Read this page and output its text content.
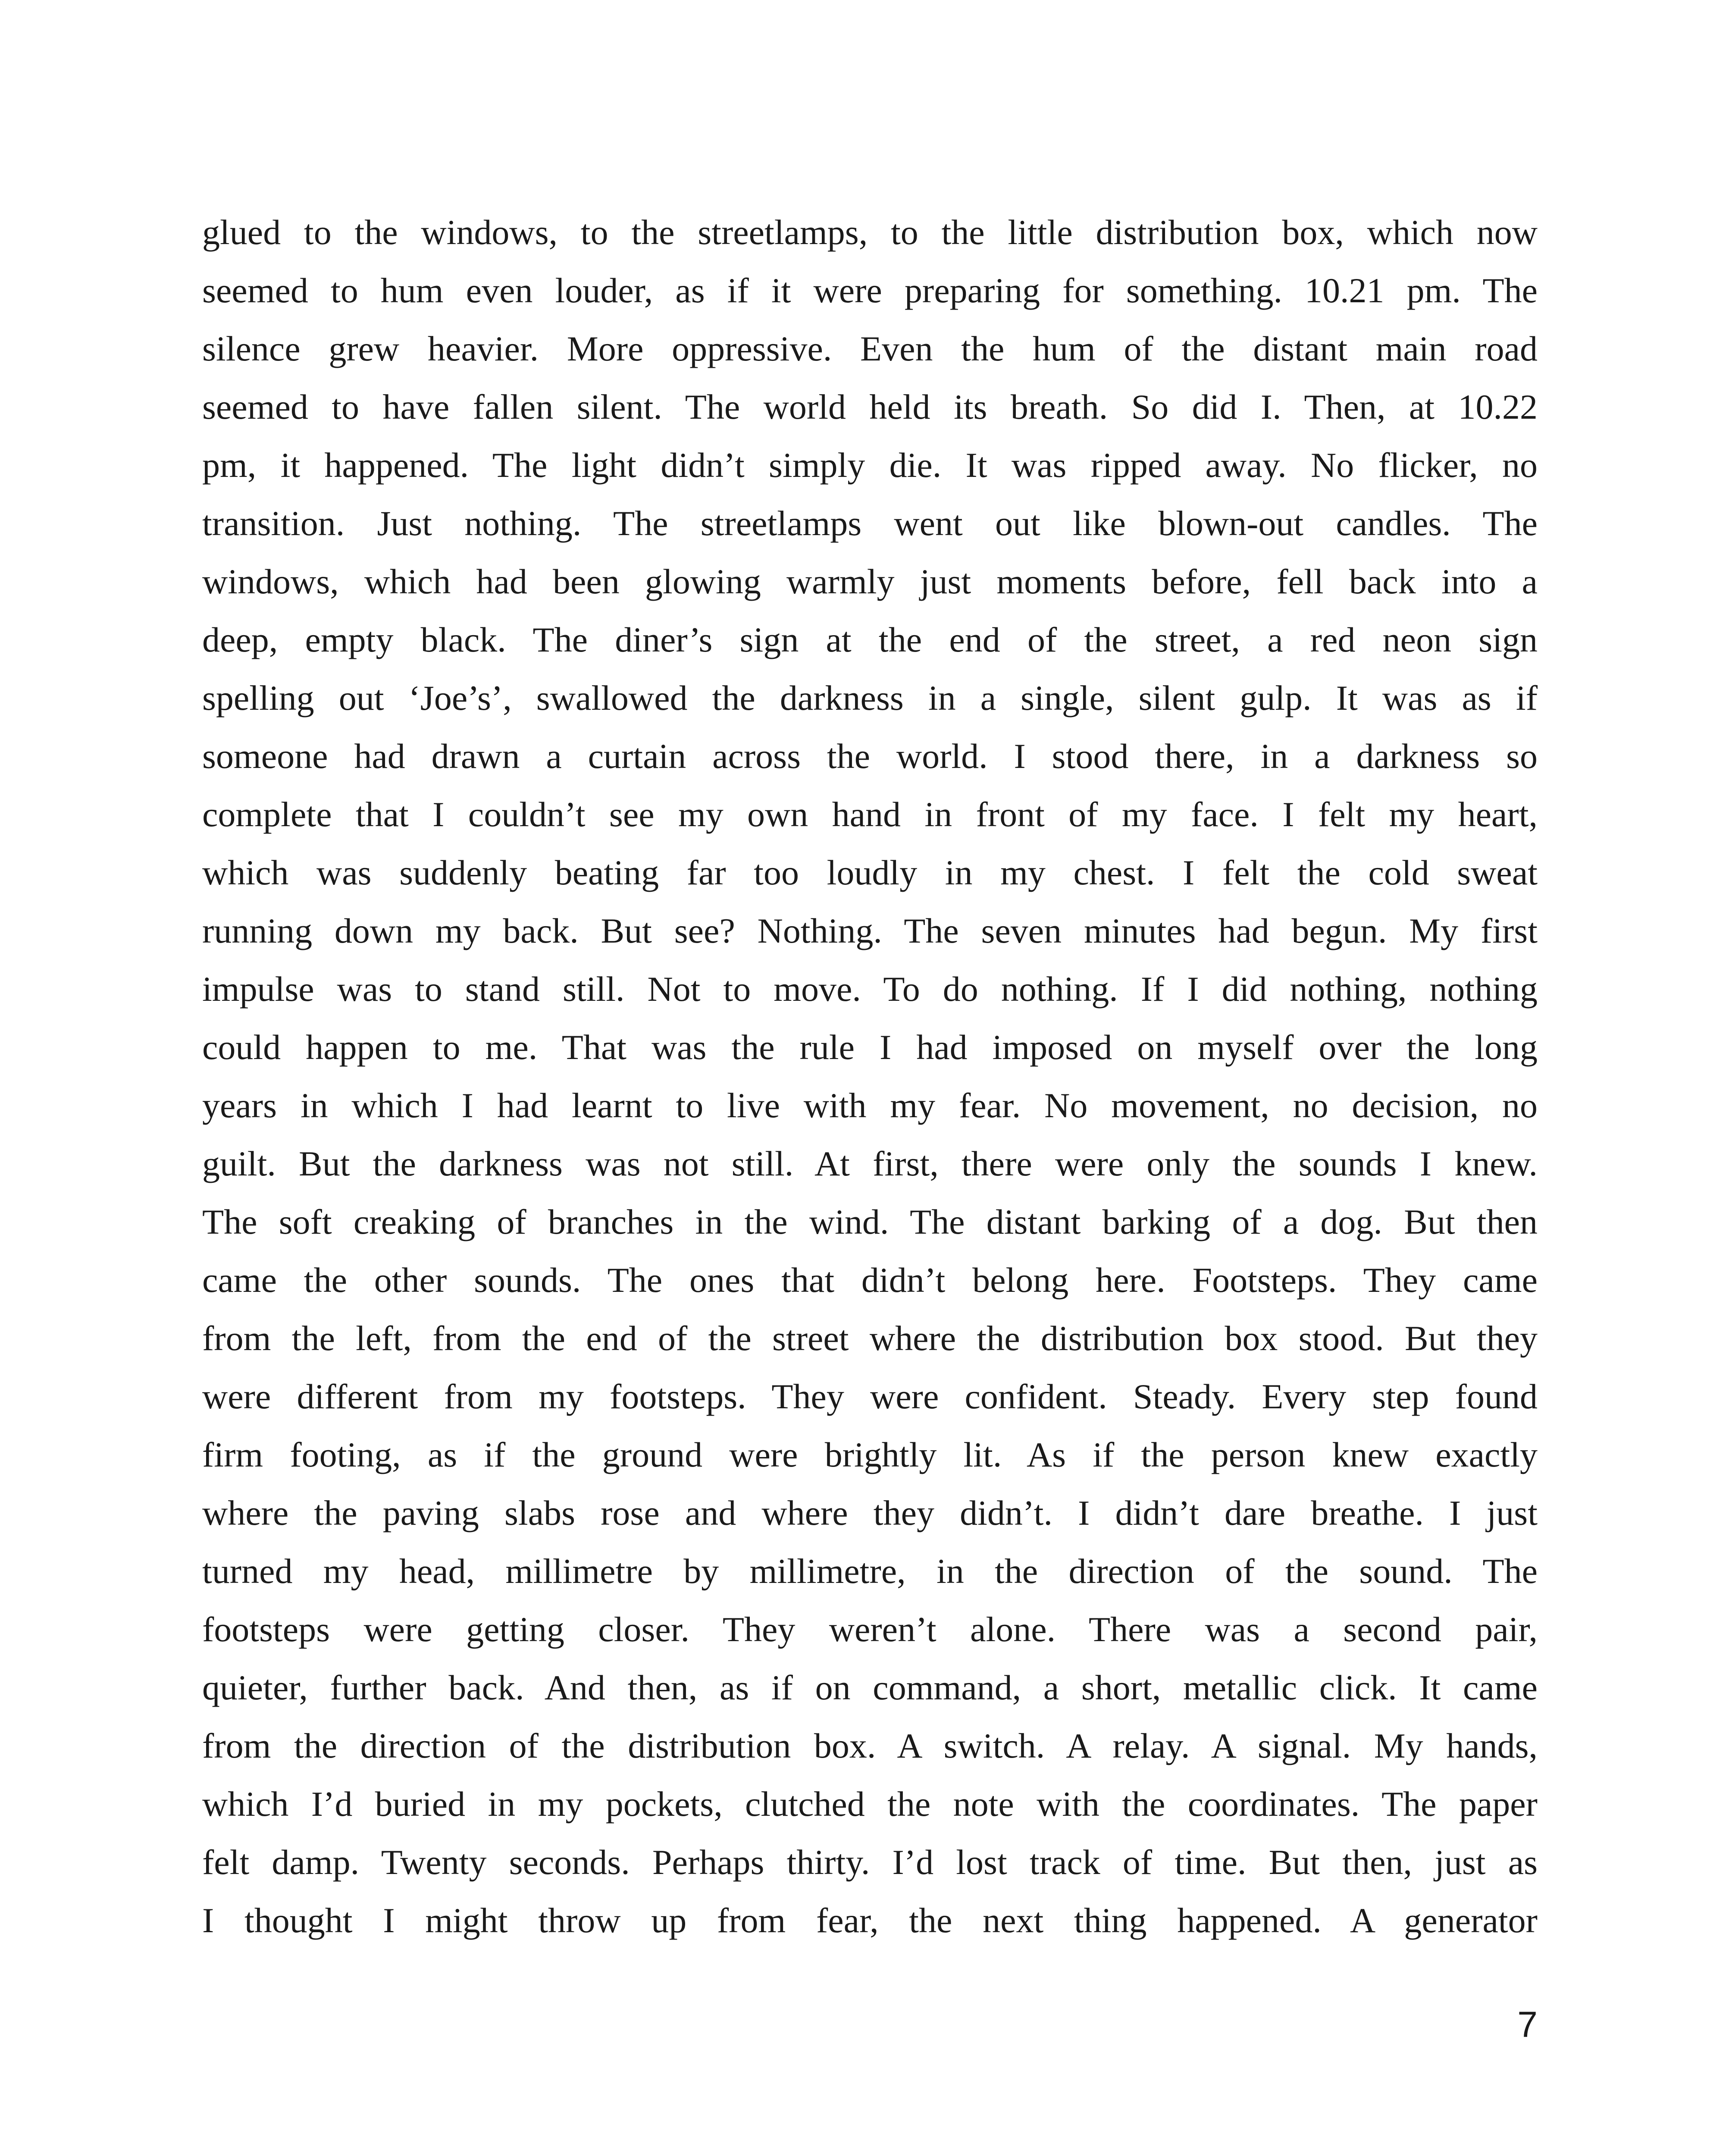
glued to the windows, to the streetlamps, to the little distribution box, which now
seemed to hum even louder, as if it were preparing for something. 10.21 pm. The
silence grew heavier. More oppressive. Even the hum of the distant main road
seemed to have fallen silent. The world held its breath. So did I. Then, at 10.22
pm, it happened. The light didn’t simply die. It was ripped away. No flicker, no
transition. Just nothing. The streetlamps went out like blown-out candles. The
windows, which had been glowing warmly just moments before, fell back into a
deep, empty black. The diner’s sign at the end of the street, a red neon sign
spelling out ‘Joe’s’, swallowed the darkness in a single, silent gulp. It was as if
someone had drawn a curtain across the world. I stood there, in a darkness so
complete that I couldn’t see my own hand in front of my face. I felt my heart,
which was suddenly beating far too loudly in my chest. I felt the cold sweat
running down my back. But see? Nothing. The seven minutes had begun. My first
impulse was to stand still. Not to move. To do nothing. If I did nothing, nothing
could happen to me. That was the rule I had imposed on myself over the long
years in which I had learnt to live with my fear. No movement, no decision, no
guilt. But the darkness was not still. At first, there were only the sounds I knew.
The soft creaking of branches in the wind. The distant barking of a dog. But then
came the other sounds. The ones that didn’t belong here. Footsteps. They came
from the left, from the end of the street where the distribution box stood. But they
were different from my footsteps. They were confident. Steady. Every step found
firm footing, as if the ground were brightly lit. As if the person knew exactly
where the paving slabs rose and where they didn’t. I didn’t dare breathe. I just
turned my head, millimetre by millimetre, in the direction of the sound. The
footsteps were getting closer. They weren’t alone. There was a second pair,
quieter, further back. And then, as if on command, a short, metallic click. It came
from the direction of the distribution box. A switch. A relay. A signal. My hands,
which I’d buried in my pockets, clutched the note with the coordinates. The paper
felt damp. Twenty seconds. Perhaps thirty. I’d lost track of time. But then, just as
I thought I might throw up from fear, the next thing happened. A generator
7
